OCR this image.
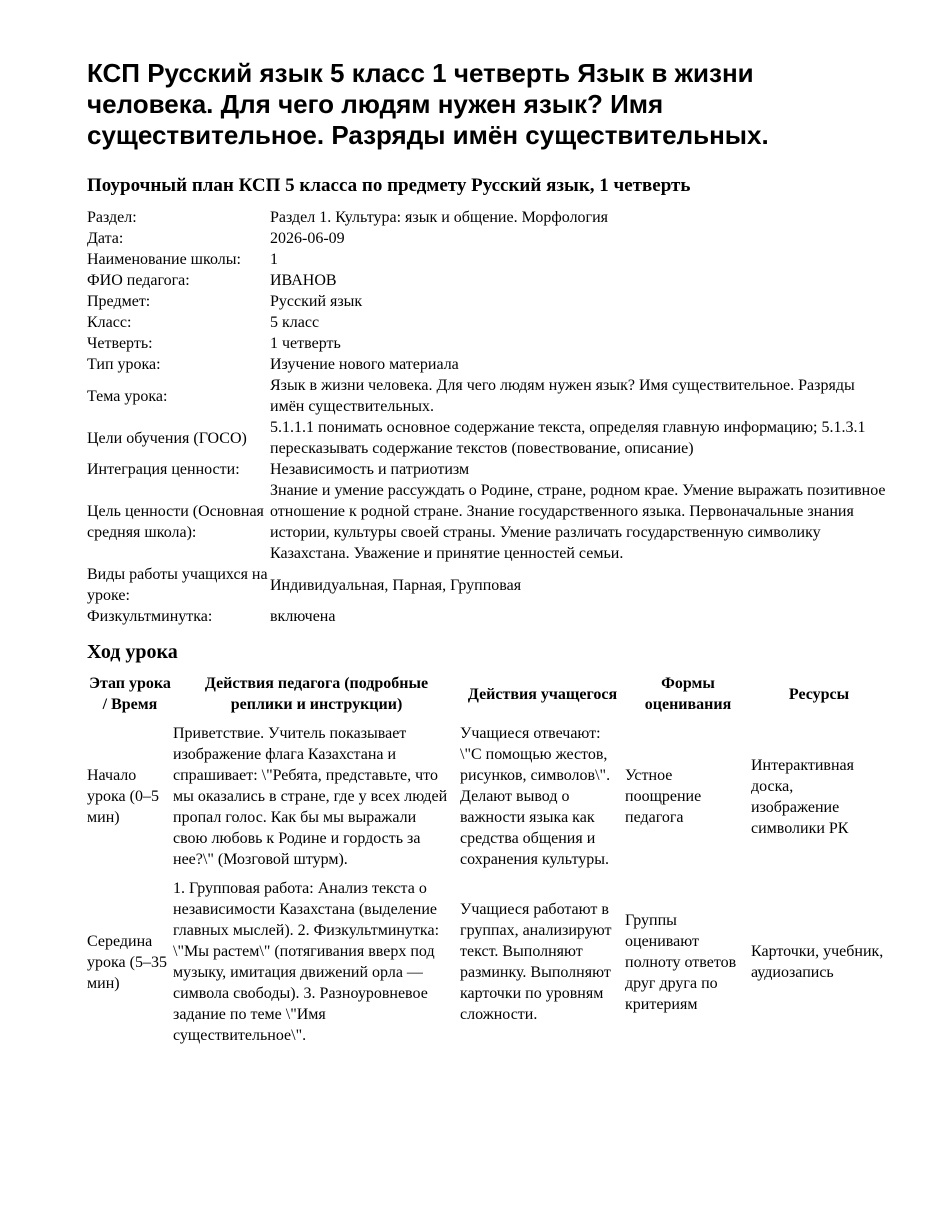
КСП Русский язык 5 класс 1 четверть Язык в жизни человека. Для чего людям нужен язык? Имя существительное. Разряды имён существительных.
Поурочный план КСП 5 класса по предмету Русский язык, 1 четверть
Раздел:	Раздел 1. Культура: язык и общение. Морфология
Дата:	2026-06-09
Наименование школы:	1
ФИО педагога:	ИВАНОВ
Предмет:	Русский язык
Класс:	5 класс
Четверть:	1 четверть
Тип урока:	Изучение нового материала
Тема урока:	Язык в жизни человека. Для чего людям нужен язык? Имя существительное. Разряды имён существительных.
Цели обучения (ГОСО)	5.1.1.1 понимать основное содержание текста, определяя главную информацию; 5.1.3.1 пересказывать содержание текстов (повествование, описание)
Интеграция ценности:	Независимость и патриотизм
Цель ценности (Основная средняя школа):	Знание и умение рассуждать о Родине, стране, родном крае. Умение выражать позитивное отношение к родной стране. Знание государственного языка. Первоначальные знания истории, культуры своей страны. Умение различать государственную символику Казахстана. Уважение и принятие ценностей семьи.
Виды работы учащихся на уроке:	Индивидуальная, Парная, Групповая
Физкультминутка:	включена
Ход урока
Этап урока / Время	Действия педагога (подробные реплики и инструкции)	Действия учащегося	Формы оценивания	Ресурсы
Начало урока (0–5 мин)	Приветствие. Учитель показывает изображение флага Казахстана и спрашивает: \"Ребята, представьте, что мы оказались в стране, где у всех людей пропал голос. Как бы мы выражали свою любовь к Родине и гордость за нее?\" (Мозговой штурм).	Учащиеся отвечают: \"С помощью жестов, рисунков, символов\". Делают вывод о важности языка как средства общения и сохранения культуры.	Устное поощрение педагога	Интерактивная доска, изображение символики РК
Середина урока (5–35 мин)	1. Групповая работа: Анализ текста о независимости Казахстана (выделение главных мыслей). 2. Физкультминутка: \"Мы растем\" (потягивания вверх под музыку, имитация движений орла — символа свободы). 3. Разноуровневое задание по теме \"Имя существительное\".	Учащиеся работают в группах, анализируют текст. Выполняют разминку. Выполняют карточки по уровням сложности.	Группы оценивают полноту ответов друг друга по критериям	Карточки, учебник, аудиозапись
